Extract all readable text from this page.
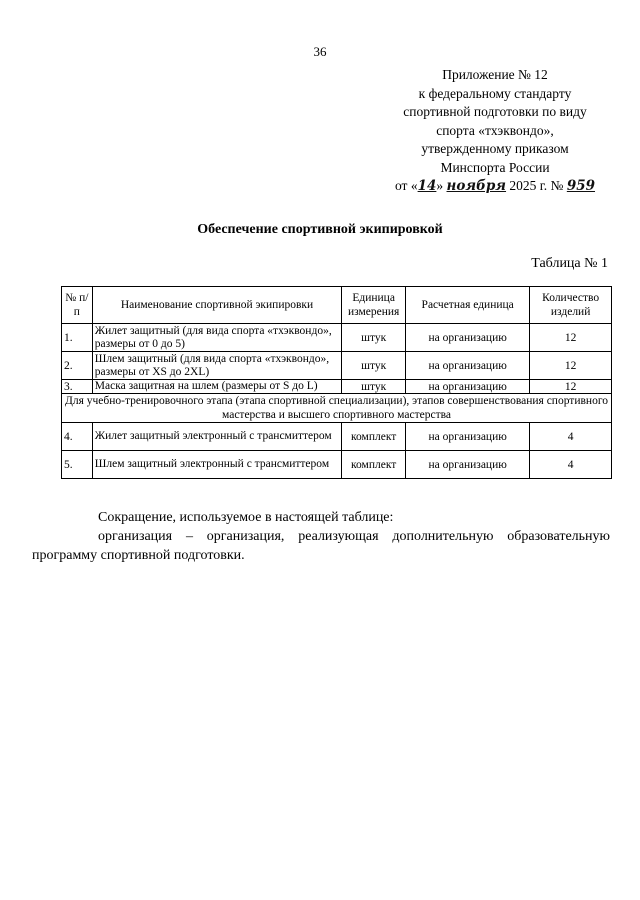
36
Приложение № 12
к федеральному стандарту
спортивной подготовки по виду
спорта «тхэквондо»,
утвержденному приказом
Минспорта России
от «14» ноября 2025 г. № 959
Обеспечение спортивной экипировкой
Таблица № 1
№ п/п	Наименование спортивной экипировки	Единица измерения	Расчетная единица	Количество изделий
1.	Жилет защитный (для вида спорта «тхэквондо», размеры от 0 до 5)	штук	на организацию	12
2.	Шлем защитный (для вида спорта «тхэквондо», размеры от XS до 2XL)	штук	на организацию	12
3.	Маска защитная на шлем (размеры от S до L)	штук	на организацию	12
Для учебно-тренировочного этапа (этапа спортивной специализации), этапов совершенствования спортивного мастерства и высшего спортивного мастерства				
4.	Жилет защитный электронный с трансмиттером	комплект	на организацию	4
5.	Шлем защитный электронный с трансмиттером	комплект	на организацию	4

Сокращение, используемое в настоящей таблице:

организация – организация, реализующая дополнительную образовательную программу спортивной подготовки.
